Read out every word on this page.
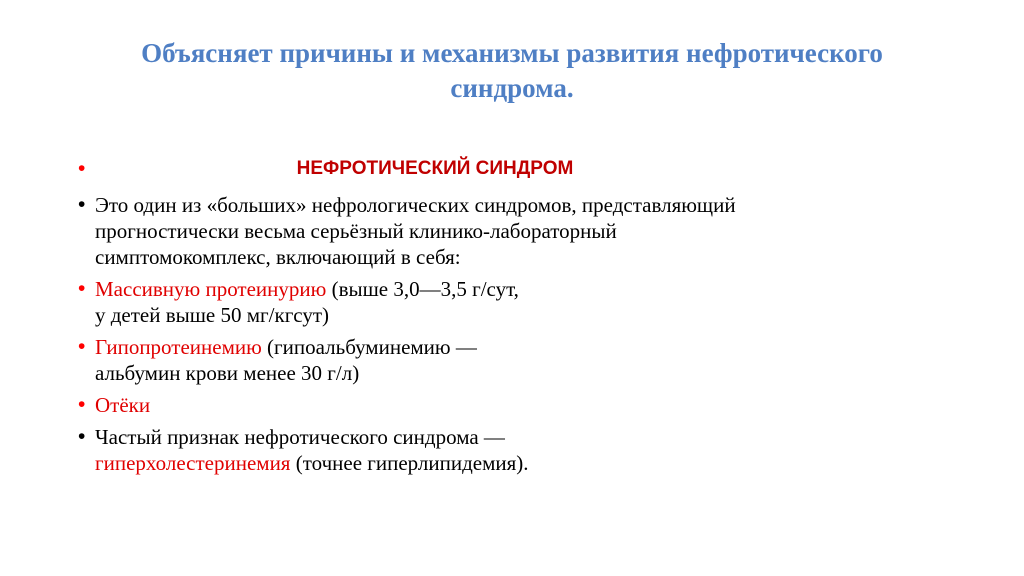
Объясняет причины и механизмы развития нефротического синдрома.
•	НЕФРОТИЧЕСКИЙ СИНДРОМ
• Это один из «больших» нефрологических синдромов, представляющий
прогностически весьма серьёзный клинико-лабораторный
симптомокомплекс, включающий в себя:
• Массивную протеинурию (выше 3,0—3,5 г/сут,
у детей выше 50 мг/кгсут)
• Гипопротеинемию (гипоальбуминемию —
альбумин крови менее 30 г/л)
• Отёки
• Частый признак нефротического синдрома —
гиперхолестеринемия (точнее гиперлипидемия).
